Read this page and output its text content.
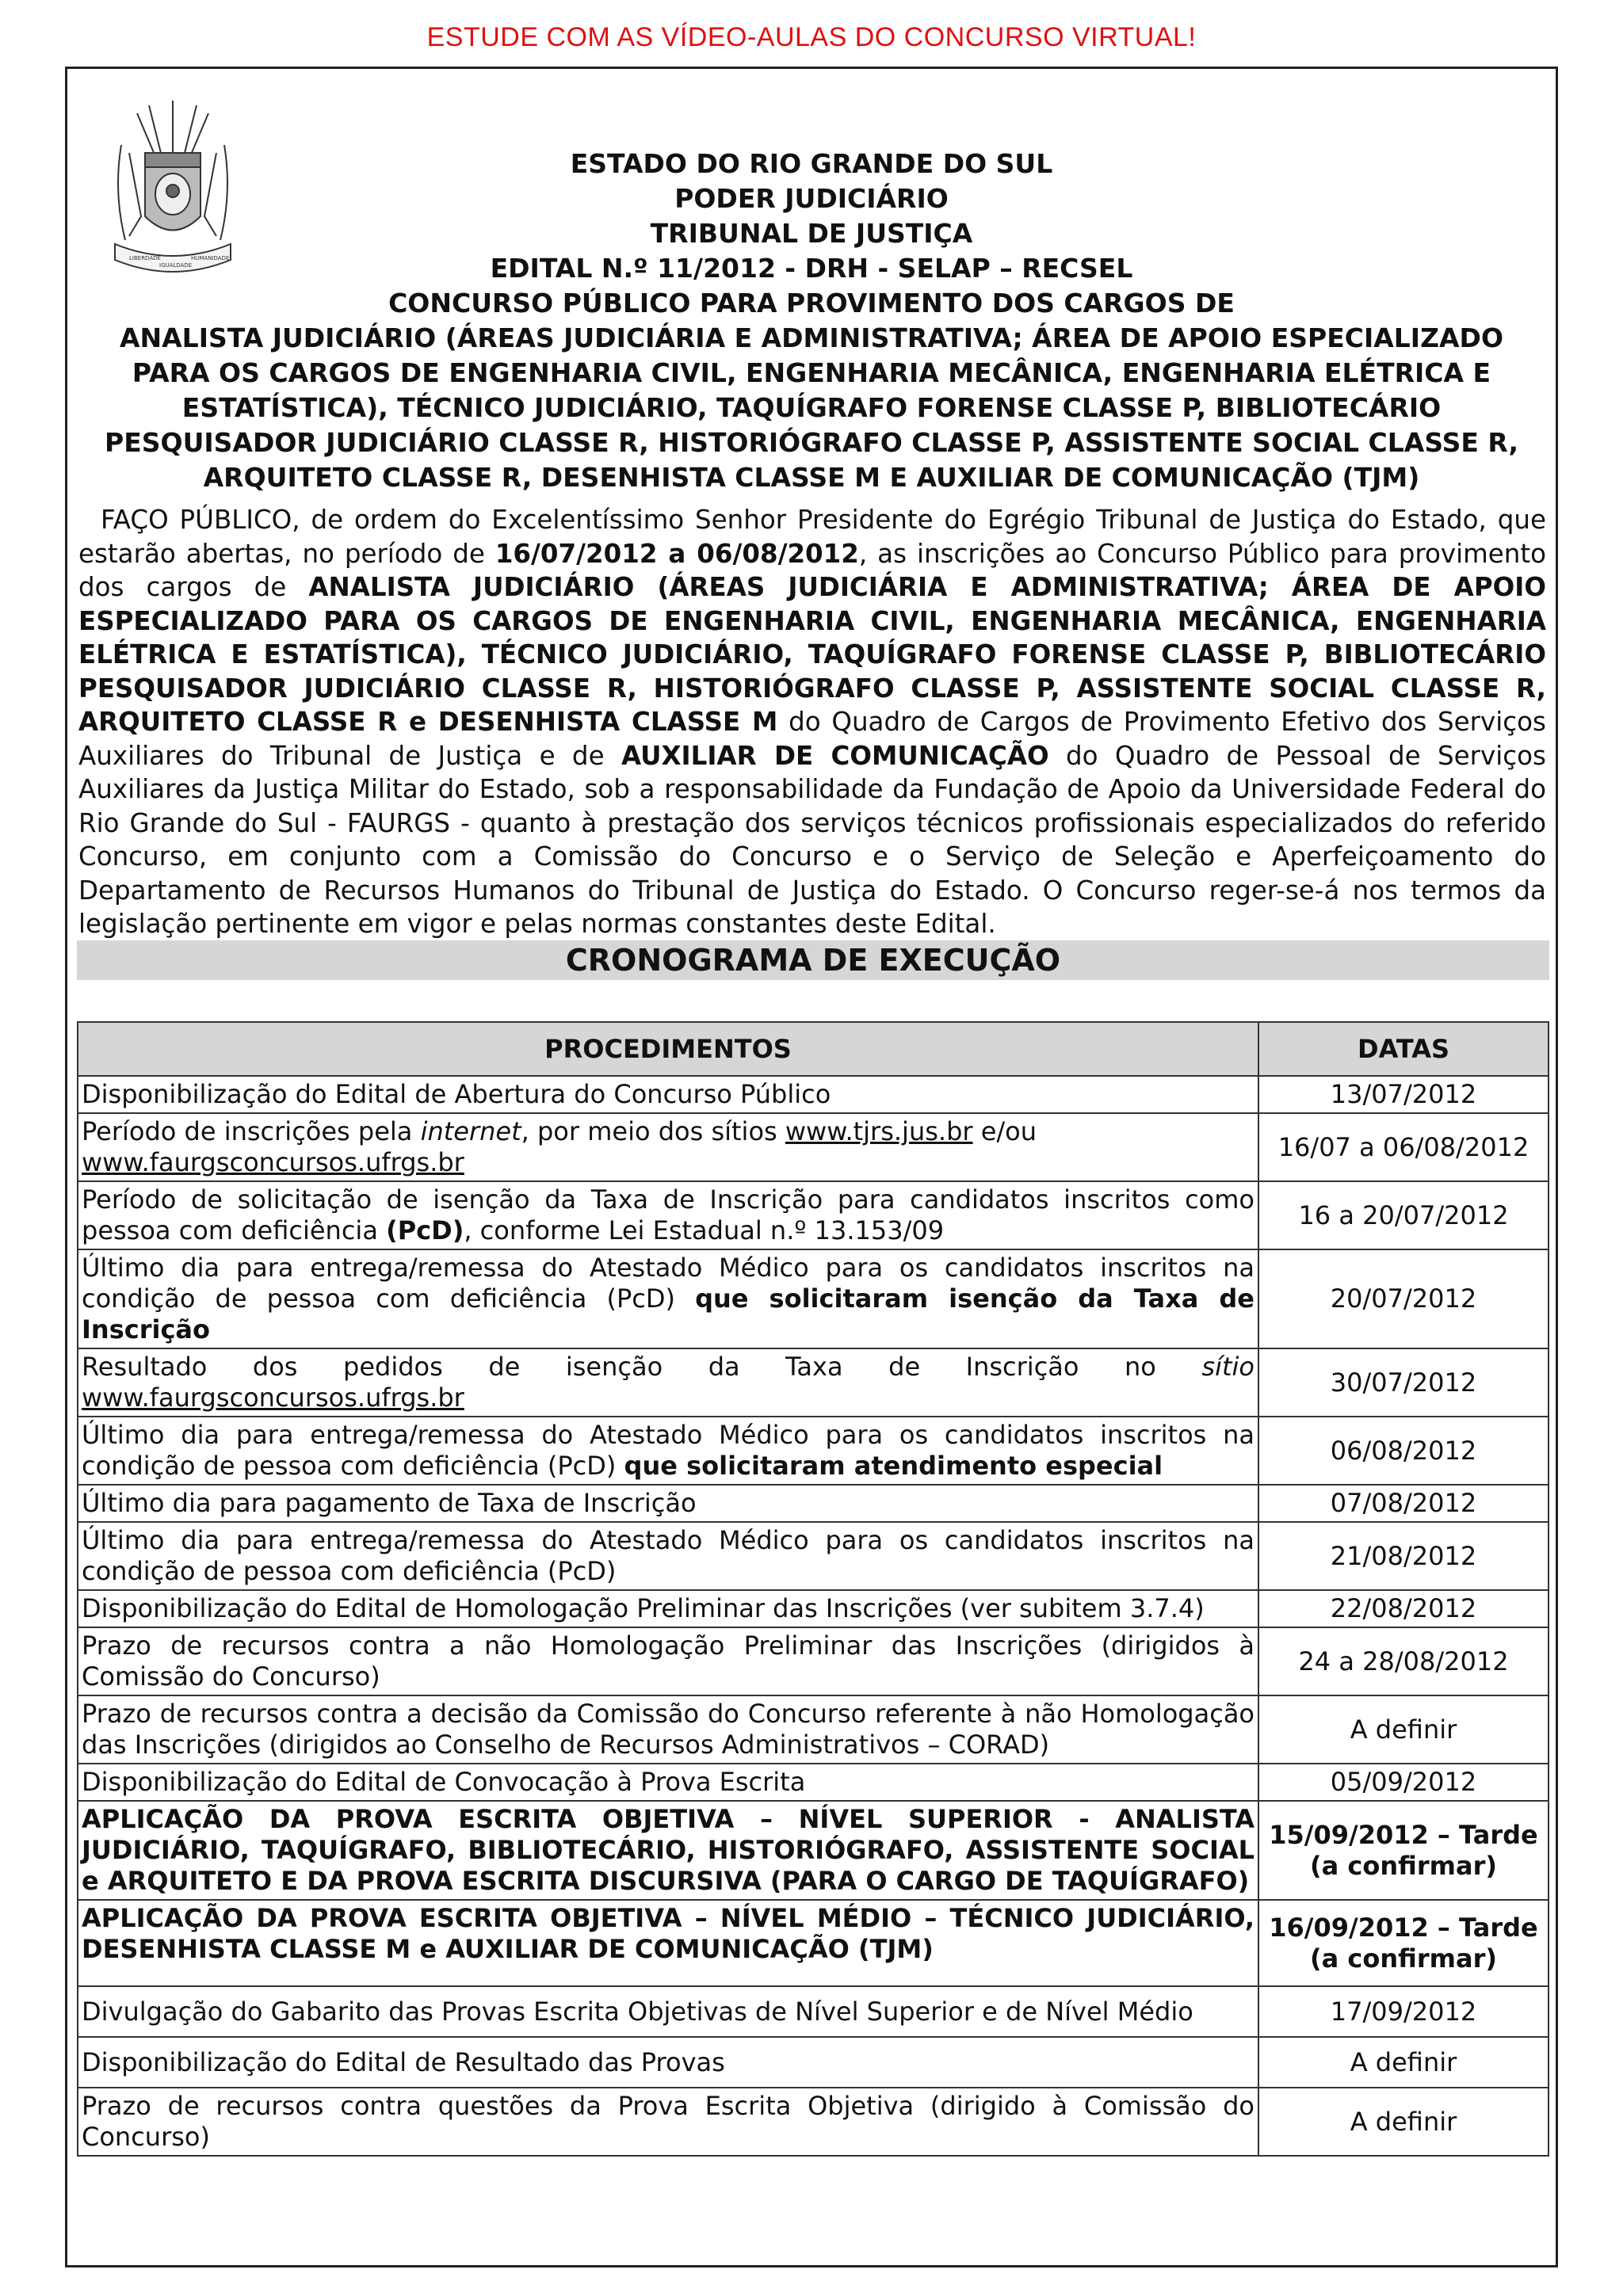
ESTUDE COM AS VÍDEO-AULAS DO CONCURSO VIRTUAL!
LIBERDADE
IGUALDADE
HUMANIDADE
ESTADO DO RIO GRANDE DO SUL
PODER JUDICIÁRIO
TRIBUNAL DE JUSTIÇA
EDITAL N.º 11/2012 - DRH - SELAP – RECSEL
CONCURSO PÚBLICO PARA PROVIMENTO DOS CARGOS DE
ANALISTA JUDICIÁRIO (ÁREAS JUDICIÁRIA E ADMINISTRATIVA; ÁREA DE APOIO ESPECIALIZADO PARA OS CARGOS DE ENGENHARIA CIVIL, ENGENHARIA MECÂNICA, ENGENHARIA ELÉTRICA E ESTATÍSTICA), TÉCNICO JUDICIÁRIO, TAQUÍGRAFO FORENSE CLASSE P, BIBLIOTECÁRIO PESQUISADOR JUDICIÁRIO CLASSE R, HISTORIÓGRAFO CLASSE P, ASSISTENTE SOCIAL CLASSE R, ARQUITETO CLASSE R, DESENHISTA CLASSE M E AUXILIAR DE COMUNICAÇÃO (TJM)
FAÇO PÚBLICO, de ordem do Excelentíssimo Senhor Presidente do Egrégio Tribunal de Justiça do Estado, que estarão abertas, no período de 16/07/2012 a 06/08/2012, as inscrições ao Concurso Público para provimento dos cargos de ANALISTA JUDICIÁRIO (ÁREAS JUDICIÁRIA E ADMINISTRATIVA; ÁREA DE APOIO ESPECIALIZADO PARA OS CARGOS DE ENGENHARIA CIVIL, ENGENHARIA MECÂNICA, ENGENHARIA ELÉTRICA E ESTATÍSTICA), TÉCNICO JUDICIÁRIO, TAQUÍGRAFO FORENSE CLASSE P, BIBLIOTECÁRIO PESQUISADOR JUDICIÁRIO CLASSE R, HISTORIÓGRAFO CLASSE P, ASSISTENTE SOCIAL CLASSE R, ARQUITETO CLASSE R e DESENHISTA CLASSE M do Quadro de Cargos de Provimento Efetivo dos Serviços Auxiliares do Tribunal de Justiça e de AUXILIAR DE COMUNICAÇÃO do Quadro de Pessoal de Serviços Auxiliares da Justiça Militar do Estado, sob a responsabilidade da Fundação de Apoio da Universidade Federal do Rio Grande do Sul - FAURGS - quanto à prestação dos serviços técnicos profissionais especializados do referido Concurso, em conjunto com a Comissão do Concurso e o Serviço de Seleção e Aperfeiçoamento do Departamento de Recursos Humanos do Tribunal de Justiça do Estado. O Concurso reger-se-á nos termos da legislação pertinente em vigor e pelas normas constantes deste Edital.
CRONOGRAMA DE EXECUÇÃO
PROCEDIMENTOS	DATAS
Disponibilização do Edital de Abertura do Concurso Público	13/07/2012
Período de inscrições pela internet, por meio dos sítios www.tjrs.jus.br e/ou
www.faurgsconcursos.ufrgs.br	16/07 a 06/08/2012
Período de solicitação de isenção da Taxa de Inscrição para candidatos inscritos como pessoa com deficiência (PcD), conforme Lei Estadual n.º 13.153/09	16 a 20/07/2012
Último dia para entrega/remessa do Atestado Médico para os candidatos inscritos na condição de pessoa com deficiência (PcD) que solicitaram isenção da Taxa de Inscrição	20/07/2012
Resultado dos pedidos de isenção da Taxa de Inscrição no sítio www.faurgsconcursos.ufrgs.br	30/07/2012
Último dia para entrega/remessa do Atestado Médico para os candidatos inscritos na condição de pessoa com deficiência (PcD) que solicitaram atendimento especial	06/08/2012
Último dia para pagamento de Taxa de Inscrição	07/08/2012
Último dia para entrega/remessa do Atestado Médico para os candidatos inscritos na condição de pessoa com deficiência (PcD)	21/08/2012
Disponibilização do Edital de Homologação Preliminar das Inscrições (ver subitem 3.7.4)	22/08/2012
Prazo de recursos contra a não Homologação Preliminar das Inscrições (dirigidos à Comissão do Concurso)	24 a 28/08/2012
Prazo de recursos contra a decisão da Comissão do Concurso referente à não Homologação das Inscrições (dirigidos ao Conselho de Recursos Administrativos – CORAD)	A definir
Disponibilização do Edital de Convocação à Prova Escrita	05/09/2012
APLICAÇÃO DA PROVA ESCRITA OBJETIVA – NÍVEL SUPERIOR - ANALISTA JUDICIÁRIO, TAQUÍGRAFO, BIBLIOTECÁRIO, HISTORIÓGRAFO, ASSISTENTE SOCIAL e ARQUITETO E DA PROVA ESCRITA DISCURSIVA (PARA O CARGO DE TAQUÍGRAFO)	15/09/2012 – Tarde
(a confirmar)

APLICAÇÃO DA PROVA ESCRITA OBJETIVA – NÍVEL MÉDIO – TÉCNICO JUDICIÁRIO, DESENHISTA CLASSE M e AUXILIAR DE COMUNICAÇÃO (TJM)	16/09/2012 – Tarde
(a confirmar)

Divulgação do Gabarito das Provas Escrita Objetivas de Nível Superior e de Nível Médio	17/09/2012
Disponibilização do Edital de Resultado das Provas	A definir
Prazo de recursos contra questões da Prova Escrita Objetiva (dirigido à Comissão do Concurso)	A definir
